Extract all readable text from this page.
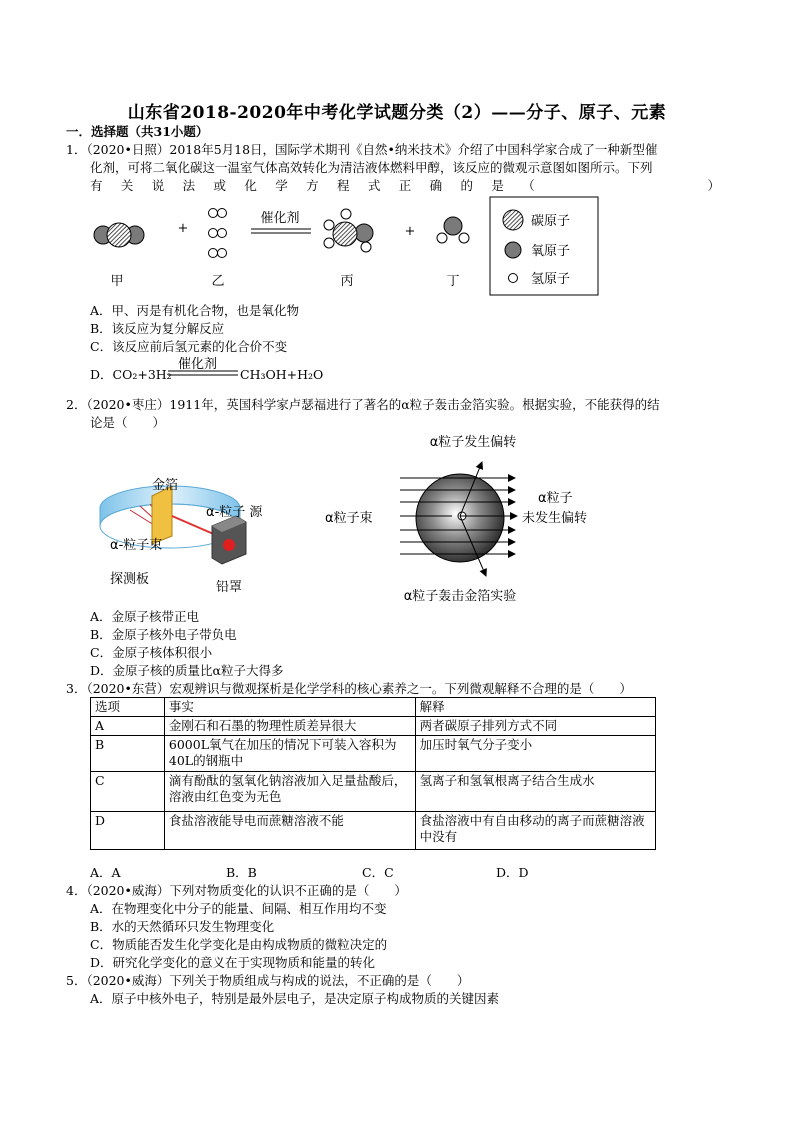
山东省2018-2020年中考化学试题分类（2）——分子、原子、元素
一．选择题（共31小题）
1．（2020•日照）2018年5月18日，国际学术期刊《自然•纳米技术》介绍了中国科学家合成了一种新型催
化剂，可将二氧化碳这一温室气体高效转化为清洁液体燃料甲醇，该反应的微观示意图如图所示。下列
有关说法或化学方程式正确的是（　　　　　）
+
催化剂
+
甲	乙	丙	丁
碳原子
氧原子
氢原子
A．甲、丙是有机化合物，也是氧化物
B．该反应为复分解反应
C．该反应前后氢元素的化合价不变
D．CO₂+3H₂
催化剂
CH₃OH+H₂O
2．（2020•枣庄）1911年，英国科学家卢瑟福进行了著名的α粒子轰击金箔实验。根据实验，不能获得的结
论是（　　）
金箔
α-粒子 源
α-粒子束
探测板
铅罩
α粒子发生偏转
α粒子束
α粒子
未发生偏转
α粒子轰击金箔实验
A．金原子核带正电
B．金原子核外电子带负电
C．金原子核体积很小
D．金原子核的质量比α粒子大得多
3．（2020•东营）宏观辨识与微观探析是化学学科的核心素养之一。下列微观解释不合理的是（　　）
选项	事实	解释
A	金刚石和石墨的物理性质差异很大	两者碳原子排列方式不同
B	6000L氧气在加压的情况下可装入容积为40L的钢瓶中	加压时氧气分子变小
C	滴有酚酞的氢氧化钠溶液加入足量盐酸后，溶液由红色变为无色	氢离子和氢氧根离子结合生成水
D	食盐溶液能导电而蔗糖溶液不能	食盐溶液中有自由移动的离子而蔗糖溶液中没有
A．A	B．B	C．C	D．D
4．（2020•威海）下列对物质变化的认识不正确的是（　　）
A．在物理变化中分子的能量、间隔、相互作用均不变
B．水的天然循环只发生物理变化
C．物质能否发生化学变化是由构成物质的微粒决定的
D．研究化学变化的意义在于实现物质和能量的转化
5．（2020•威海）下列关于物质组成与构成的说法，不正确的是（　　）
A．原子中核外电子，特别是最外层电子，是决定原子构成物质的关键因素
